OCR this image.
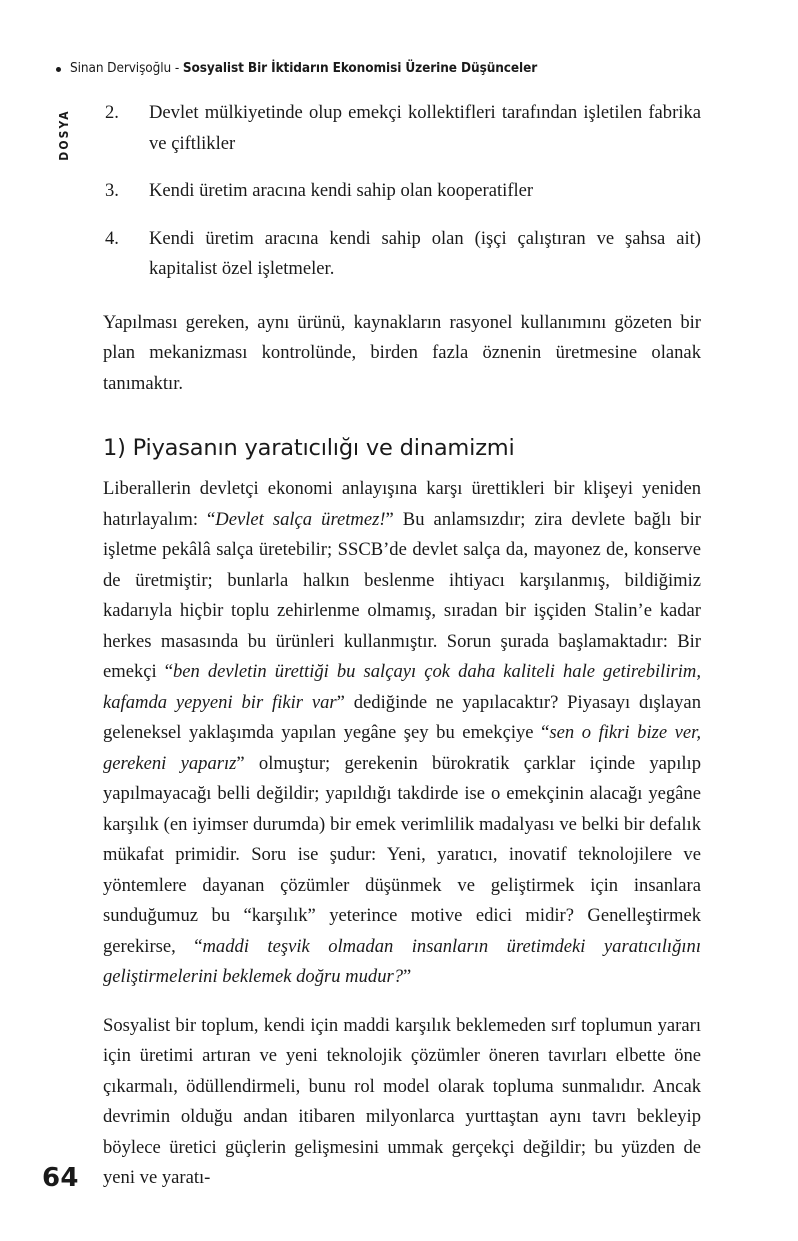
Sinan Dervişoğlu - Sosyalist Bir İktidarın Ekonomisi Üzerine Düşünceler
DOSYA 2. Devlet mülkiyetinde olup emekçi kollektifleri tarafından işletilen fabrika ve çiftlikler
3. Kendi üretim aracına kendi sahip olan kooperatifler
4. Kendi üretim aracına kendi sahip olan (işçi çalıştıran ve şahsa ait) kapitalist özel işletmeler.

Yapılması gereken, aynı ürünü, kaynakların rasyonel kullanımını gözeten bir plan mekanizması kontrolünde, birden fazla öznenin üretmesine olanak tanımaktır.

1) Piyasanın yaratıcılığı ve dinamizmi

Liberallerin devletçi ekonomi anlayışına karşı ürettikleri bir klişeyi yeniden hatırlayalım: “Devlet salça üretmez!” Bu anlamsızdır; zira devlete bağlı bir işletme pekâlâ salça üretebilir; SSCB’de devlet salça da, mayonez de, konserve de üretmiştir; bunlarla halkın beslenme ihtiyacı karşılanmış, bildiğimiz kadarıyla hiçbir toplu zehirlenme olmamış, sıradan bir işçiden Stalin’e kadar herkes masasında bu ürünleri kullanmıştır. Sorun şurada başlamaktadır: Bir emekçi “ben devletin ürettiği bu salçayı çok daha kaliteli hale getirebilirim, kafamda yepyeni bir fikir var” dediğinde ne yapılacaktır? Piyasayı dışlayan geleneksel yaklaşımda yapılan yegâne şey bu emekçiye “sen o fikri bize ver, gerekeni yaparız” olmuştur; gerekenin bürokratik çarklar içinde yapılıp yapılmayacağı belli değildir; yapıldığı takdirde ise o emekçinin alacağı yegâne karşılık (en iyimser durumda) bir emek verimlilik madalyası ve belki bir defalık mükafat primidir. Soru ise şudur: Yeni, yaratıcı, inovatif teknolojilere ve yöntemlere dayanan çözümler düşünmek ve geliştirmek için insanlara sunduğumuz bu “karşılık” yeterince motive edici midir? Genelleştirmek gerekirse, “maddi teşvik olmadan insanların üretimdeki yaratıcılığını geliştirmelerini beklemek doğru mudur?”

Sosyalist bir toplum, kendi için maddi karşılık beklemeden sırf toplumun yararı için üretimi artıran ve yeni teknolojik çözümler öneren tavırları elbette öne çıkarmalı, ödüllendirmeli, bunu rol model olarak topluma sunmalıdır. Ancak devrimin olduğu andan itibaren milyonlarca yurttaştan aynı tavrı bekleyip böylece üretici güçlerin gelişmesini ummak gerçekçi değildir; bu yüzden de yeni ve yaratı-

64
